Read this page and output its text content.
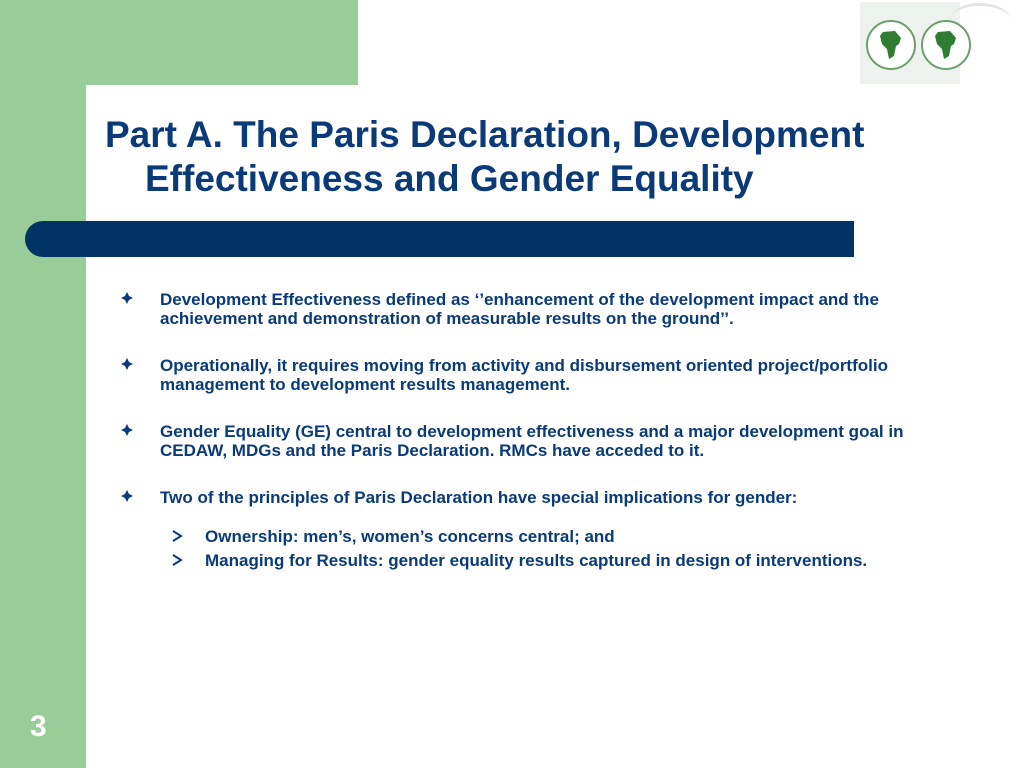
Part A. The Paris Declaration, Development
Effectiveness and Gender Equality
Development Effectiveness defined as ‘’enhancement of the development impact and the achievement and demonstration of measurable results on the ground’’.
Operationally, it requires moving from activity and disbursement oriented project/portfolio management to development results management.
Gender Equality (GE) central to development effectiveness and a major development goal in CEDAW, MDGs and the Paris Declaration. RMCs have acceded to it.
Two of the principles of Paris Declaration have special implications for gender:
Ownership: men’s, women’s concerns central; and
Managing for Results: gender equality results captured in design of interventions.
3
